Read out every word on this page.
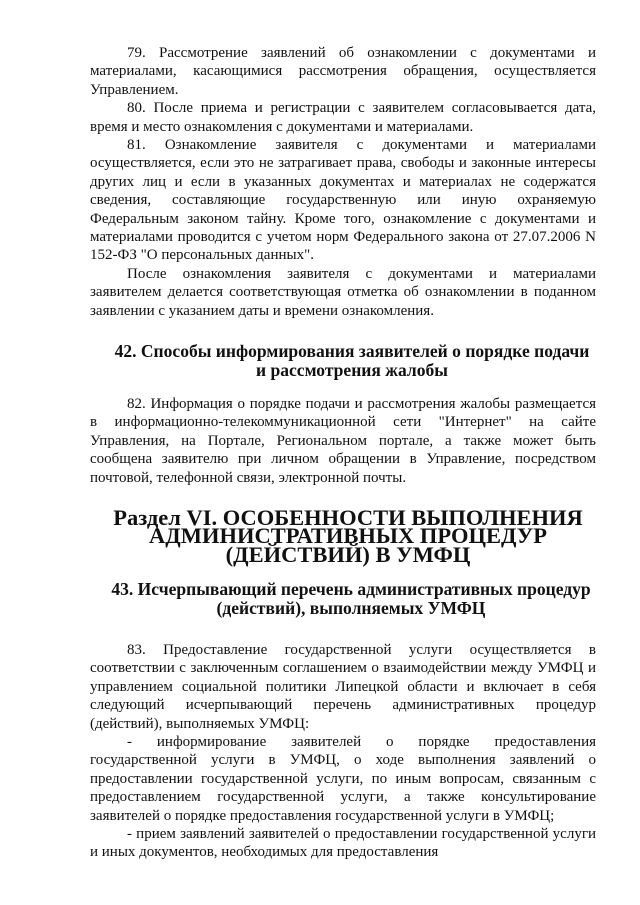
79. Рассмотрение заявлений об ознакомлении с документами и материалами, касающимися рассмотрения обращения, осуществляется Управлением.

80. После приема и регистрации с заявителем согласовывается дата, время и место ознакомления с документами и материалами.

81. Ознакомление заявителя с документами и материалами осуществляется, если это не затрагивает права, свободы и законные интересы других лиц и если в указанных документах и материалах не содержатся сведения, составляющие государственную или иную охраняемую Федеральным законом тайну. Кроме того, ознакомление с документами и материалами проводится с учетом норм Федерального закона от 27.07.2006 N 152-ФЗ "О персональных данных".

После ознакомления заявителя с документами и материалами заявителем делается соответствующая отметка об ознакомлении в поданном заявлении с указанием даты и времени ознакомления.

42. Способы информирования заявителей о порядке подачи
и рассмотрения жалобы

82. Информация о порядке подачи и рассмотрения жалобы размещается в информационно-телекоммуникационной сети "Интернет" на сайте Управления, на Портале, Региональном портале, а также может быть сообщена заявителю при личном обращении в Управление, посредством почтовой, телефонной связи, электронной почты.

Раздел VI. ОСОБЕННОСТИ ВЫПОЛНЕНИЯ
АДМИНИСТРАТИВНЫХ ПРОЦЕДУР
(ДЕЙСТВИЙ) В УМФЦ
43. Исчерпывающий перечень административных процедур
(действий), выполняемых УМФЦ

83. Предоставление государственной услуги осуществляется в соответствии с заключенным соглашением о взаимодействии между УМФЦ и управлением социальной политики Липецкой области и включает в себя следующий исчерпывающий перечень административных процедур (действий), выполняемых УМФЦ:

- информирование заявителей о порядке предоставления государственной услуги в УМФЦ, о ходе выполнения заявлений о предоставлении государственной услуги, по иным вопросам, связанным с предоставлением государственной услуги, а также консультирование заявителей о порядке предоставления государственной услуги в УМФЦ;

- прием заявлений заявителей о предоставлении государственной услуги и иных документов, необходимых для предоставления
